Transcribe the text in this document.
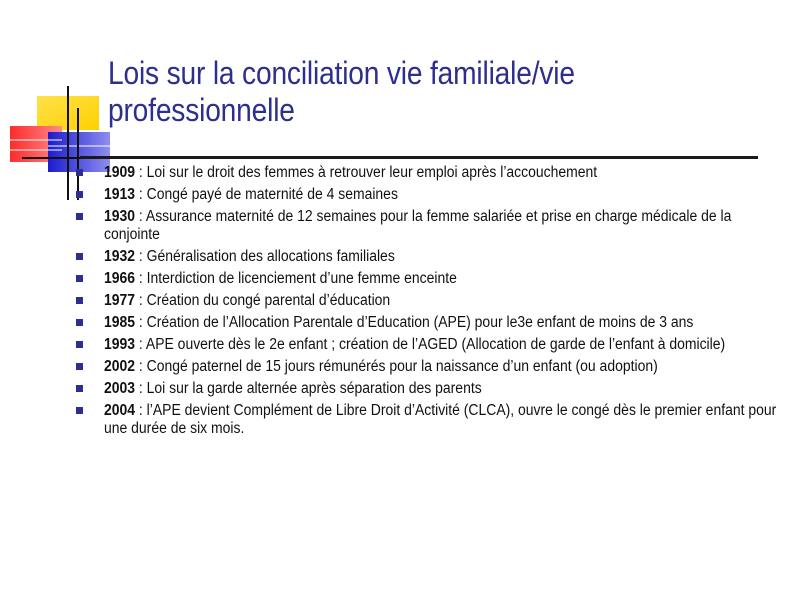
Lois sur la conciliation vie familiale/vie
professionnelle
1909 : Loi sur le droit des femmes à retrouver leur emploi après l’accouchement
1913 : Congé payé de maternité de 4 semaines
1930 : Assurance maternité de 12 semaines pour la femme salariée et prise en charge médicale de la conjointe
1932 : Généralisation des allocations familiales
1966 : Interdiction de licenciement d’une femme enceinte
1977 : Création du congé parental d’éducation
1985 : Création de l’Allocation Parentale d’Education (APE) pour le3e enfant de moins de 3 ans
1993 : APE ouverte dès le 2e enfant ; création de l’AGED (Allocation de garde de l’enfant à domicile)
2002 : Congé paternel de 15 jours rémunérés pour la naissance d’un enfant (ou adoption)
2003 : Loi sur la garde alternée après séparation des parents
2004 : l’APE devient Complément de Libre Droit d’Activité (CLCA), ouvre le congé dès le premier enfant pour une durée de six mois.
